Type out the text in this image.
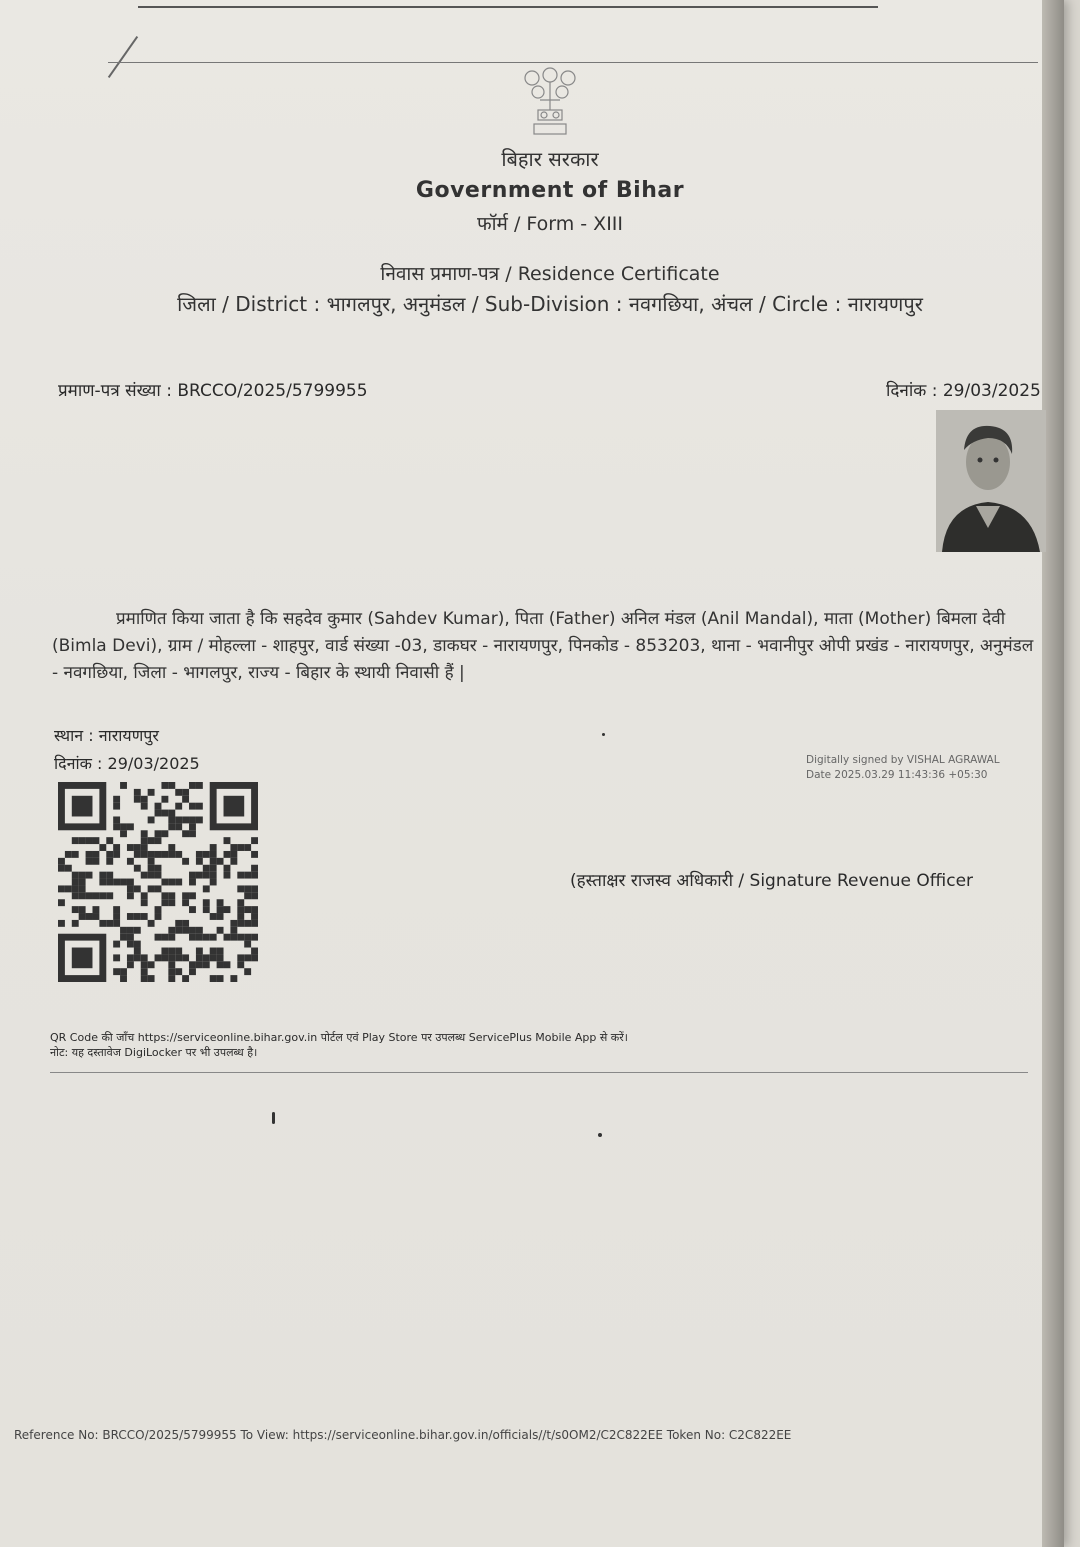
बिहार सरकार
Government of Bihar
फॉर्म / Form - XIII
निवास प्रमाण-पत्र / Residence Certificate
जिला / District : भागलपुर, अनुमंडल / Sub-Division : नवगछिया, अंचल / Circle : नारायणपुर
प्रमाण-पत्र संख्या : BRCCO/2025/5799955	दिनांक : 29/03/2025
प्रमाणित किया जाता है कि सहदेव कुमार (Sahdev Kumar), पिता (Father) अनिल मंडल (Anil Mandal), माता (Mother) बिमला देवी (Bimla Devi), ग्राम / मोहल्ला - शाहपुर, वार्ड संख्या -03, डाकघर - नारायणपुर, पिनकोड - 853203, थाना - भवानीपुर ओपी प्रखंड - नारायणपुर, अनुमंडल - नवगछिया, जिला - भागलपुर, राज्य - बिहार के स्थायी निवासी हैं |
स्थान : नारायणपुर
दिनांक : 29/03/2025	Digitally signed by VISHAL AGRAWAL
Date 2025.03.29 11:43:36 +05:30
(हस्ताक्षर राजस्व अधिकारी / Signature Revenue Officer
QR Code की जाँच https://serviceonline.bihar.gov.in पोर्टल एवं Play Store पर उपलब्ध ServicePlus Mobile App से करें।
नोट: यह दस्तावेज DigiLocker पर भी उपलब्ध है।
Reference No: BRCCO/2025/5799955 To View: https://serviceonline.bihar.gov.in/officials//t/s0OM2/C2C822EE Token No: C2C822EE
